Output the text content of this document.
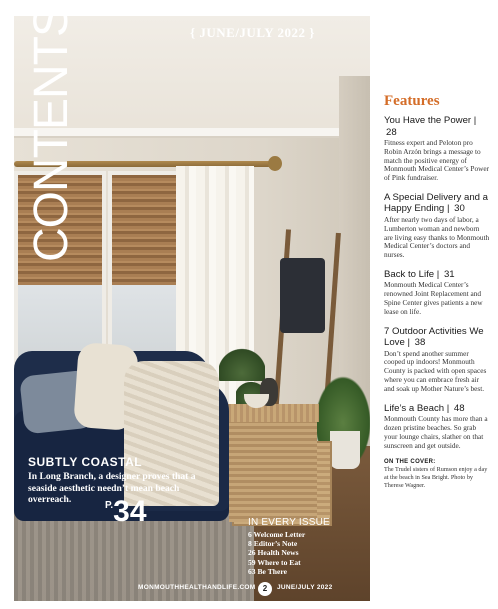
CONTENTS	{ JUNE/JULY 2022 }
SUBTLY COASTAL
In Long Branch, a designer proves that a seaside aesthetic needn’t mean beach overreach.
$^{P.}$34	IN EVERY ISSUE
6 Welcome Letter
8 Editor’s Note
26 Health News
59 Where to Eat
63 Be There
MONMOUTHHEALTHANDLIFE.COM 2	JUNE/JULY 2022
Features
You Have the Power | 28
Fitness expert and Peloton pro Robin Arzón brings a message to match the positive energy of Monmouth Medical Center’s Power of Pink fundraiser.
A Special Delivery and a Happy Ending | 30
After nearly two days of labor, a Lumberton woman and newborn are living easy thanks to Monmouth Medical Center’s doctors and nurses.
Back to Life | 31
Monmouth Medical Center’s renowned Joint Replacement and Spine Center gives patients a new lease on life.
7 Outdoor Activities We Love | 38
Don’t spend another summer cooped up indoors! Monmouth County is packed with open spaces where you can embrace fresh air and soak up Mother Nature’s best.
Life’s a Beach | 48
Monmouth County has more than a dozen pristine beaches. So grab your lounge chairs, slather on that sunscreen and get outside.
ON THE COVER:
The Trudel sisters of Rumson enjoy a day at the beach in Sea Bright. Photo by Therese Wagner.
